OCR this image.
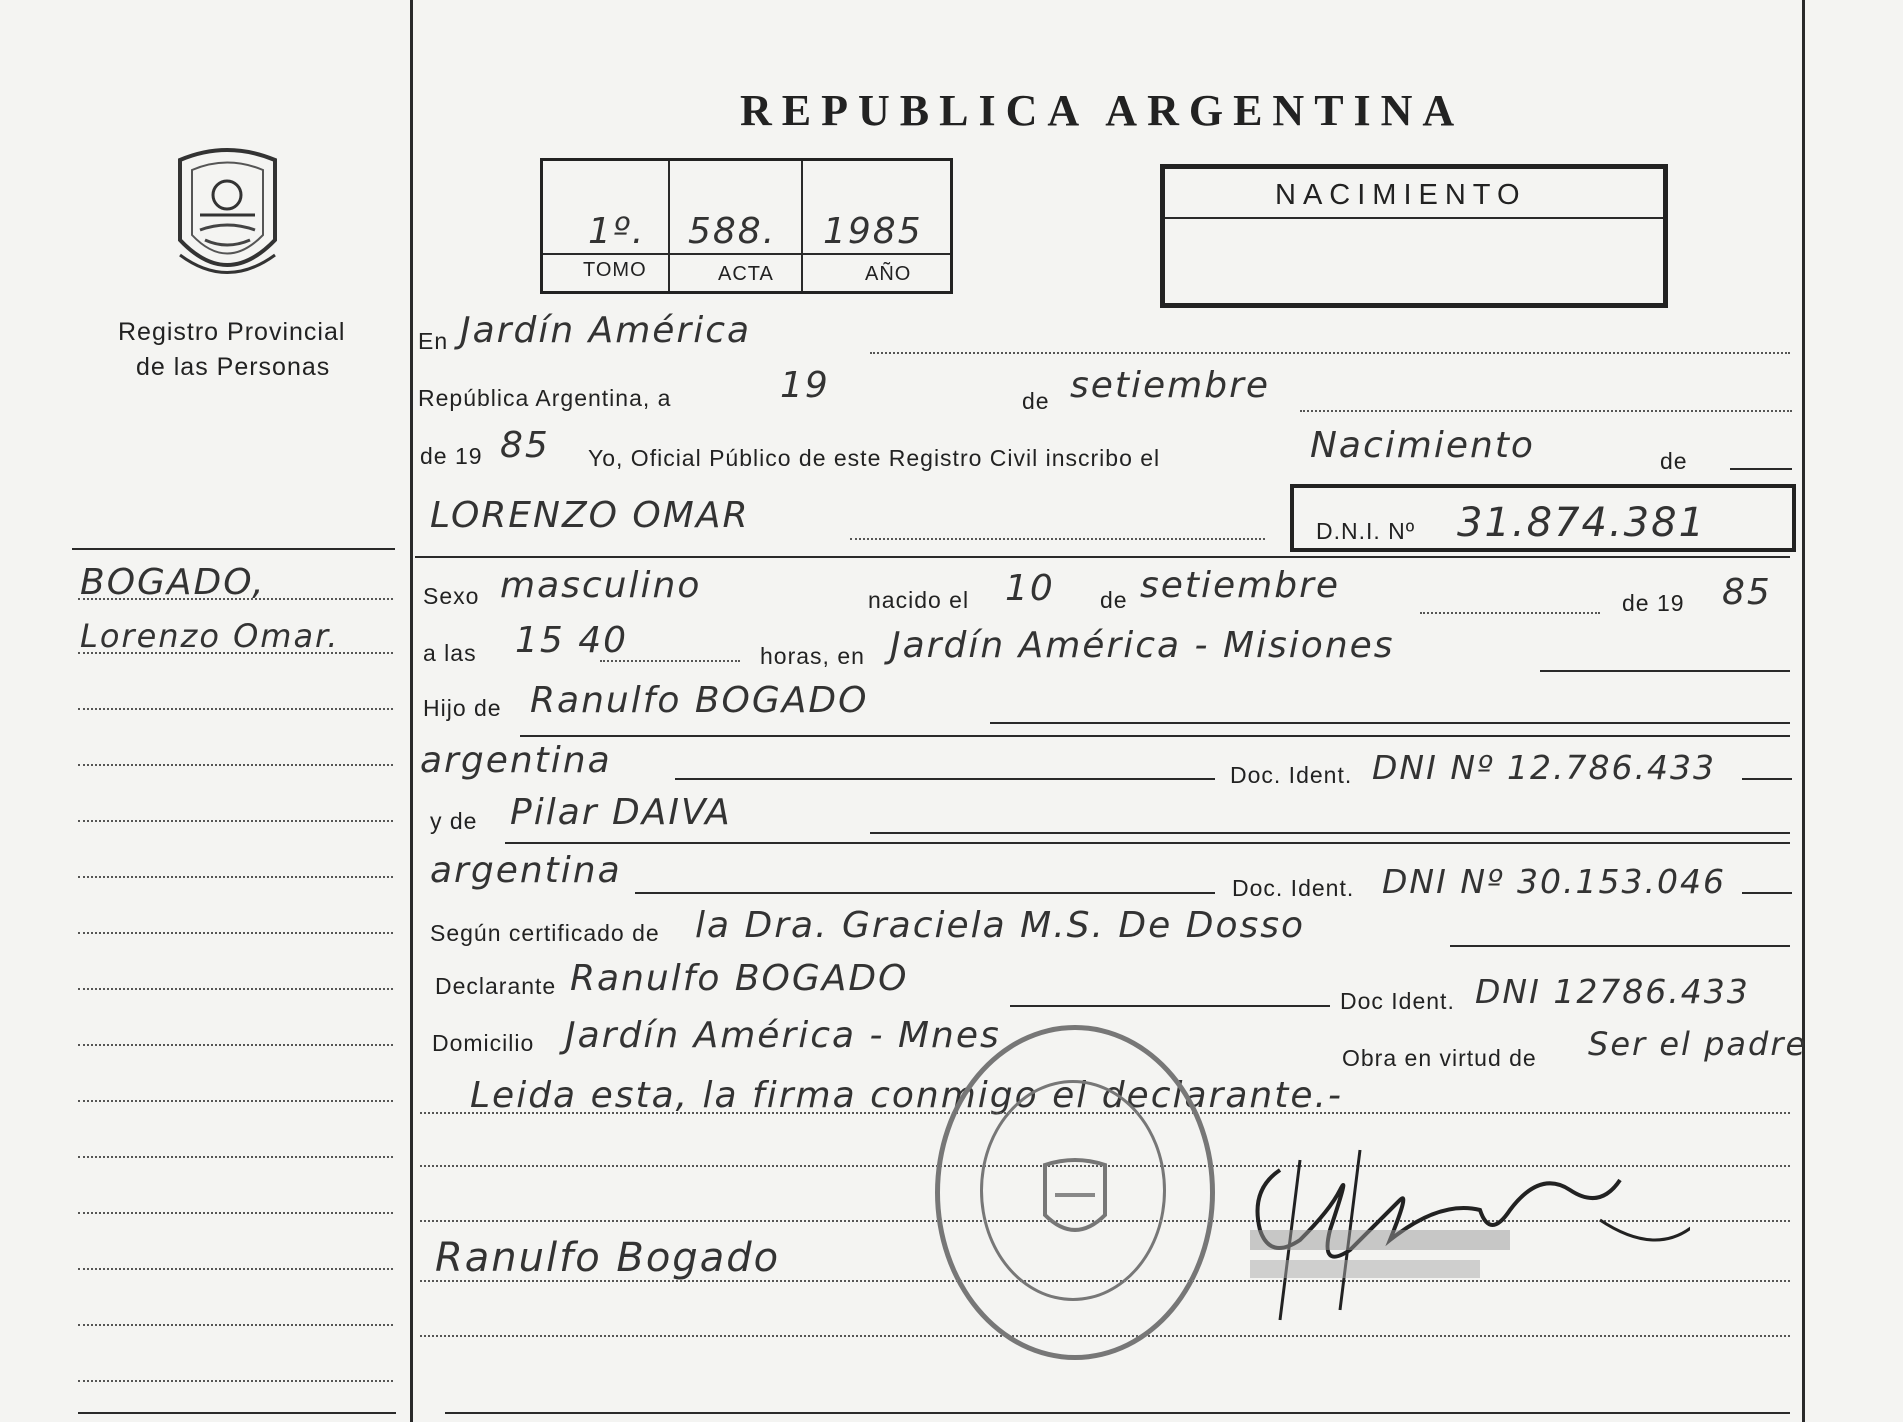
Registro Provincial
de las Personas
REPUBLICA ARGENTINA
1º. 588. 1985
TOMO	ACTA	AÑO
NACIMIENTO
En Jardín América
República Argentina, a	19	de setiembre
de 19 85 Yo, Oficial Público de este Registro Civil inscribo el	Nacimiento	de
LORENZO OMAR	D.N.I. Nº 31.874.381
BOGADO,
Lorenzo Omar.
Sexo masculino	nacido el 10 de setiembre	de 19 85
a las 15 40	horas, en Jardín América - Misiones
Hijo de Ranulfo BOGADO
argentina	Doc. Ident. DNI Nº 12.786.433
y de Pilar DAIVA
argentina	Doc. Ident. DNI Nº 30.153.046
Según certificado de la Dra. Graciela M.S. De Dosso
Declarante Ranulfo BOGADO
Doc Ident. DNI 12786.433
Domicilio Jardín América - Mnes
Obra en virtud de Ser el padre
Leida esta, la firma conmigo el declarante.-
Ranulfo Bogado
